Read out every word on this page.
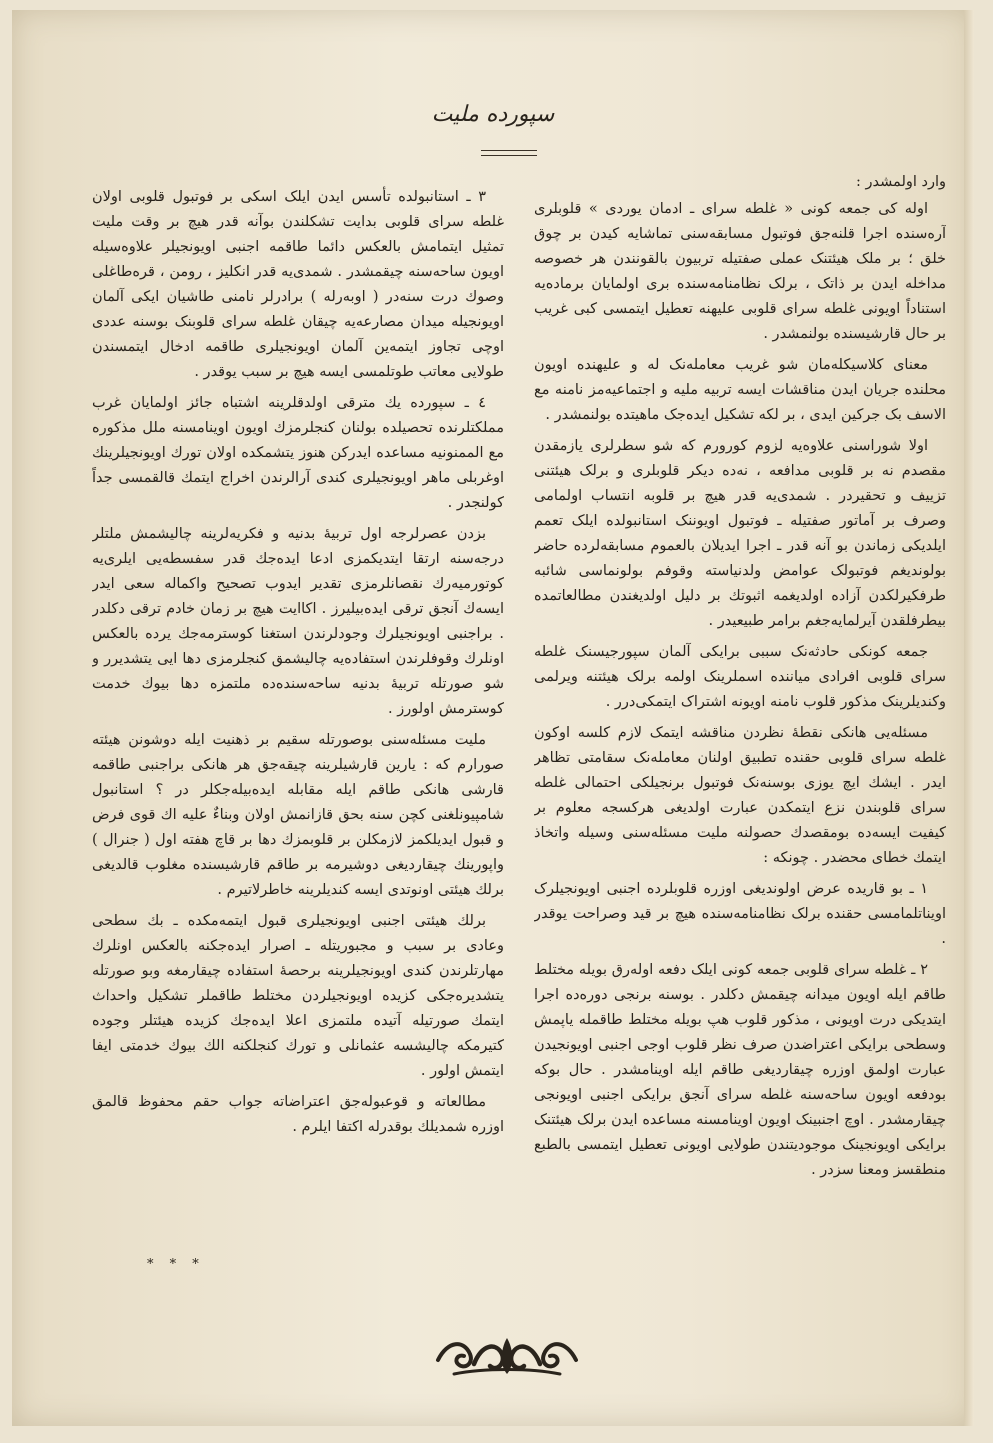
سپورده ملیت

وارد اولمشدر :

اوله کی جمعه کونی « غلطه سرای ـ ادمان یوردی » قلوبلری آره‌سنده اجرا قلنه‌جق فوتبول مسابقه‌سنی تماشایه کیدن بر چوق خلق ؛ بر ملک هیئتنک عملی صفتیله تربیون بالقونندن هر خصوصه مداخله ایدن بر ذاتک ، برلک نظامنامه‌سنده بری اولمایان برماده‌یه استناداً اویونی غلطه سرای قلوبی علیهنه تعطیل ایتمسی کبی غریب بر حال قارشیسنده بولنمشدر .

معنای کلاسیکله‌مان شو غریب معامله‌نک له و علیهنده اویون محلنده جریان ایدن مناقشات ایسه تربیه ملیه و اجتماعیه‌مز نامنه مع الاسف بک جرکین ایدی ، بر لکه تشکیل ایده‌جک ماهیتده بولنمشدر .

اولا شوراسنی علاوه‌یه لزوم کورورم که شو سطرلری یازمقدن مقصدم نه بر قلوبی مدافعه ، نه‌ده دیکر قلوبلری و برلک هیئتنی تزییف و تحقیردر . شمدی‌یه قدر هیچ بر قلوبه انتساب اولمامی وصرف بر آماتور صفتیله ـ فوتبول اویوننک استانبولده ایلک تعمم ایلدیکی زماندن بو آنه قدر ـ اجرا ایدیلان بالعموم مسابقه‌لرده حاضر بولوندیغم فوتبولک عوامض ولدنیاسته وقوفم بولونماسی شائبه طرفکیرلکدن آزاده اولدیغمه اثبوتك بر دلیل اولدیغندن مطالعاتمده بیطرفلقدن آیرلمایه‌جغم برامر طبیعیدر .

جمعه کونکی حادثه‌نک سببی برایکی آلمان سپورجیسنک غلطه سرای قلوبی افرادی میاننده اسملرینک اولمه برلک هیئتنه ویرلمی وکندیلرینک مذکور قلوب نامنه اویونه اشتراک ایتمکی‌درر .

مسئله‌یی هانکی نقطهٔ نظردن مناقشه ایتمک لازم کلسه اوکون غلطه سرای قلوبی حقنده تطبیق اولنان معامله‌نک سقامتی تظاهر ایدر . ایشك ایچ یوزی بوسنه‌نک فوتبول برنجیلکی احتمالی غلطه سرای قلوبندن نزع ایتمکدن عبارت اولدیغی هرکسجه معلوم بر کیفیت ایسه‌ده بومقصدك حصولنه ملیت مسئله‌سنی وسیله واتخاذ ایتمك خطای محضدر . چونکه :

١ ـ بو قاریده عرض اولوندیغی اوزره قلوبلرده اجنبی اویونجیلرک اویناتلمامسی حقنده برلک نظامنامه‌سنده هیچ بر قید وصراحت یوقدر .

٢ ـ غلطه سرای قلوبی جمعه کونی ایلک دفعه اوله‌رق بویله مختلط طاقم ایله اویون میدانه چیقمش دکلدر . بوسنه برنجی دوره‌ده اجرا ایتدیکی درت اویونی ، مذکور قلوب هپ بویله مختلط طاقمله یاپمش وسطحی برایکی اعتراضدن صرف نظر قلوب اوجی اجنبی اویونجیدن عبارت اولمق اوزره چیقاردیغی طاقم ایله اوینامشدر . حال بوکه بودفعه اویون ساحه‌سنه غلطه سرای آنجق برایکی اجنبی اویونجی چیقارمشدر . اوچ اجنبینک اویون اوینامسنه مساعده ایدن برلک هیئتنک برایکی اویونجینک موجودیتندن طولایی اویونی تعطیل ایتمسی بالطبع منطقسز ومعنا سزدر .

٣ ـ استانبولده تأسس ایدن ایلک اسکی بر فوتبول قلوبی اولان غلطه سرای قلوبی بدایت تشکلندن بوآنه قدر هیچ بر وقت ملیت تمثیل ایتمامش بالعکس دائما طاقمه اجنبی اویونجیلر علاوه‌سیله اویون ساحه‌سنه چیقمشدر . شمدی‌یه قدر انکلیز ، رومن ، قره‌طاغلی وصوك درت سنه‌در ( اوبه‌رله ) برادرلر نامنی طاشیان ایکی آلمان اویونجیله میدان مصارعه‌یه چیقان غلطه سرای قلوبنک بوسنه عددی اوچی تجاوز ایتمه‌ین آلمان اویونجیلری طاقمه ادخال ایتمسندن طولایی معاتب طوتلمسی ایسه هیچ بر سبب یوقدر .

٤ ـ سپورده یك مترقی اولدقلرینه اشتباه جائز اولمایان غرب مملکتلرنده تحصیلده بولنان کنجلرمزك اویون اوینامسنه ملل مذکوره مع الممنونیه مساعده ایدرکن هنوز یتشمکده اولان تورك اویونجیلرینك اوغربلی ماهر اویونجیلری کندی آرالرندن اخراج ایتمك قالقمسی جداً کولنجدر .

بزدن عصرلرجه اول تربیهٔ بدنیه و فکریه‌لرینه چالیشمش ملتلر درجه‌سنه ارتقا ایتدیکمزی ادعا ایده‌جك قدر سفسطه‌یی ایلری‌یه کوتورمیه‌رك نقصانلرمزی تقدیر ایدوب تصحیح واکماله سعی ایدر ایسه‌ك آنجق ترقی ایده‌بیلیرز . اکاایت هیچ بر زمان خادم ترقی دکلدر . براجنبی اویونجیلرك وجودلرندن استغنا کوسترمه‌جك یرده بالعکس اونلرك وقوفلرندن استفاده‌یه چالیشمق کنجلرمزی دها ایی یتشدیرر و شو صورتله تربیهٔ بدنیه ساحه‌سنده‌ده ملتمزه دها بیوك خدمت کوسترمش اولورز .

ملیت مسئله‌سنی بوصورتله سقیم بر ذهنیت ایله دوشونن هیئته صورارم که : یارین قارشیلرینه چیقه‌جق هر هانکی براجنبی طاقمه قارشی هانکی طاقم ایله مقابله ایده‌بیله‌جکلر در ؟ استانبول شامپیونلغنی کچن سنه بحق قازانمش اولان وبناءٌ علیه اك قوی فرض و قبول ایدیلکمز لازمکلن بر قلوبمزك دها بر قاچ هفته اول ( جنرال ) واپورینك چیقاردیغی دوشیرمه بر طاقم قارشیسنده مغلوب قالدیغی برلك هیئتی اونوتدی ایسه کندیلرینه خاطرلاتیرم .

برلك هیئتی اجنبی اویونجیلری قبول ایتمه‌مکده ـ بك سطحی وعادی بر سبب و مجبوریتله ـ اصرار ایده‌جکنه بالعکس اونلرك مهارتلرندن کندی اویونجیلرینه برحصهٔ استفاده چیقارمغه وبو صورتله یتشدیره‌جکی کزیده اویونجیلردن مختلط طاقملر تشکیل واحداث ایتمك صورتیله آتیده ملتمزی اعلا ایده‌جك کزیده هیئتلر وجوده کتیرمکه چالیشسه عثمانلی و تورك کنجلکنه الك بیوك خدمتی ایفا ایتمش اولور .

مطالعاته و قوعبوله‌جق اعتراضاته جواب حقم محفوظ قالمق اوزره شمدیلك بوقدرله اکتفا ایلرم .

* * *
